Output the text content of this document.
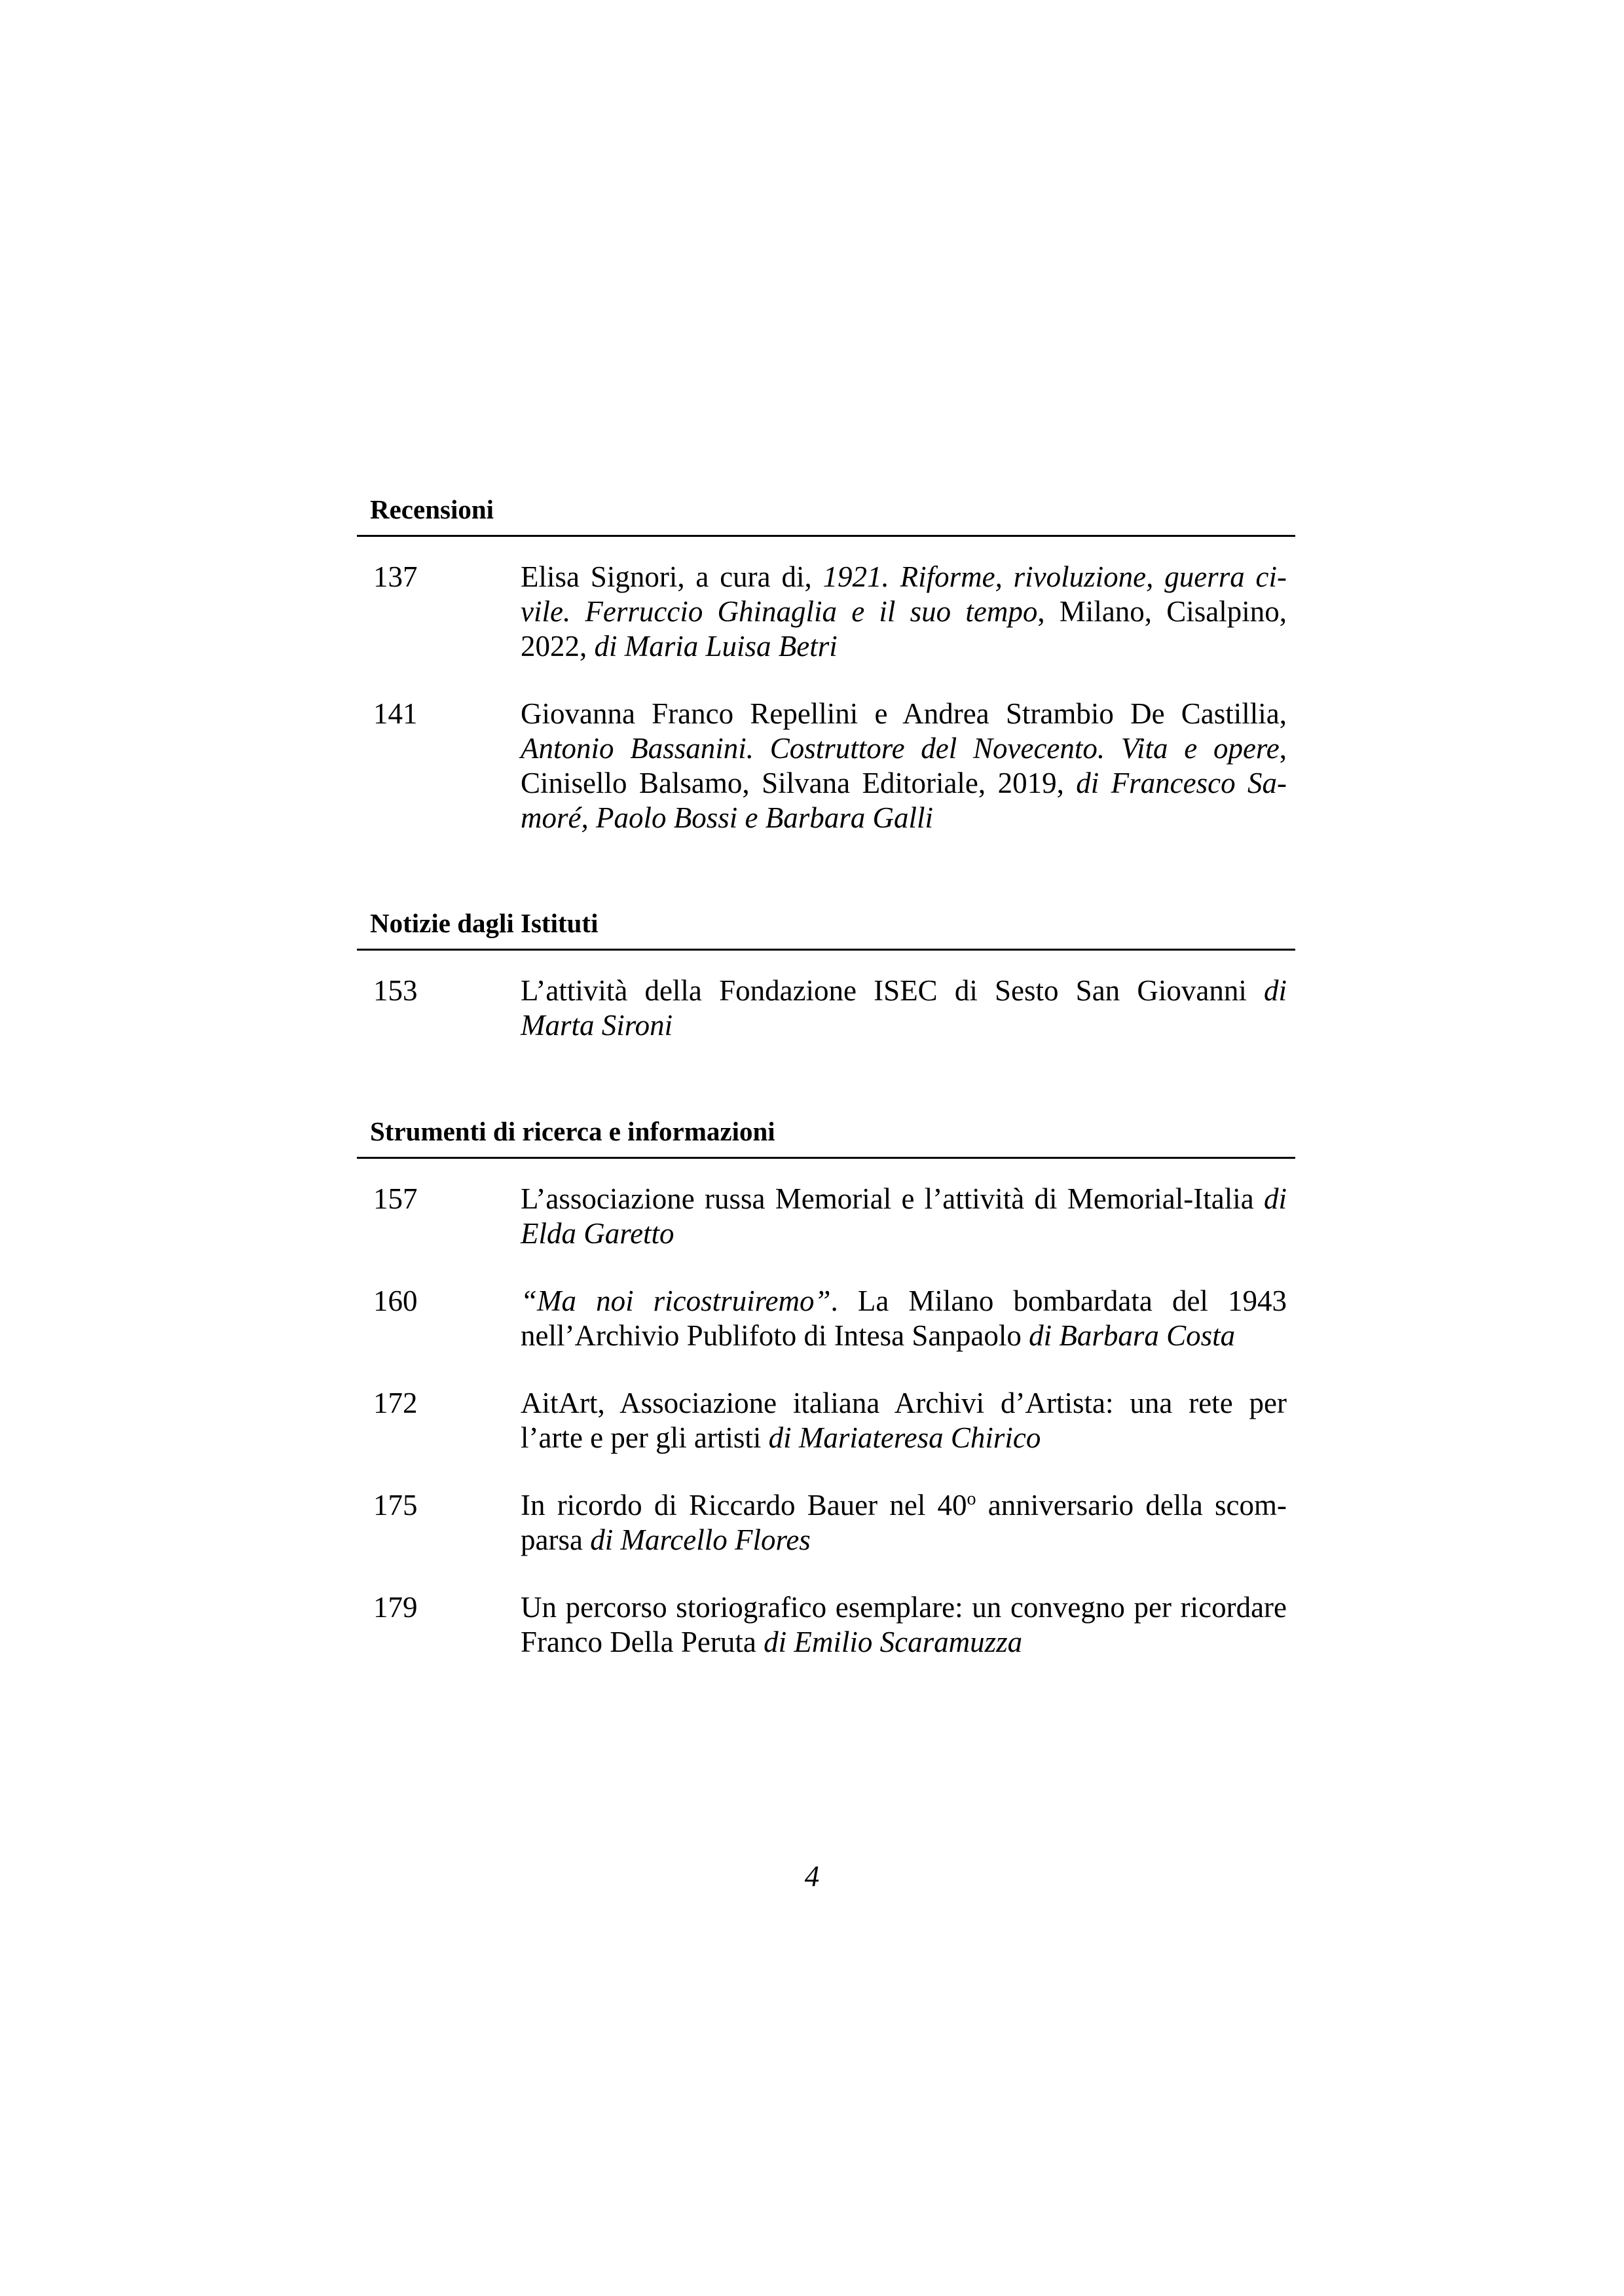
Recensioni
137	Elisa Signori, a cura di, 1921. Riforme, rivoluzione, guerra ci-vile. Ferruccio Ghinaglia e il suo tempo, Milano, Cisalpino, 2022, di Maria Luisa Betri
141	Giovanna Franco Repellini e Andrea Strambio De Castillia, Antonio Bassanini. Costruttore del Novecento. Vita e opere, Cinisello Balsamo, Silvana Editoriale, 2019, di Francesco Sa-moré, Paolo Bossi e Barbara Galli
Notizie dagli Istituti
153	L’attività della Fondazione ISEC di Sesto San Giovanni di Marta Sironi
Strumenti di ricerca e informazioni
157	L’associazione russa Memorial e l’attività di Memorial-Italia di Elda Garetto
160	“Ma noi ricostruiremo”. La Milano bombardata del 1943 nell’Archivio Publifoto di Intesa Sanpaolo di Barbara Costa
172	AitArt, Associazione italiana Archivi d’Artista: una rete per l’arte e per gli artisti di Mariateresa Chirico
175	In ricordo di Riccardo Bauer nel 40$^o$ anniversario della scom-parsa di Marcello Flores
179	Un percorso storiografico esemplare: un convegno per ricordare Franco Della Peruta di Emilio Scaramuzza
4
